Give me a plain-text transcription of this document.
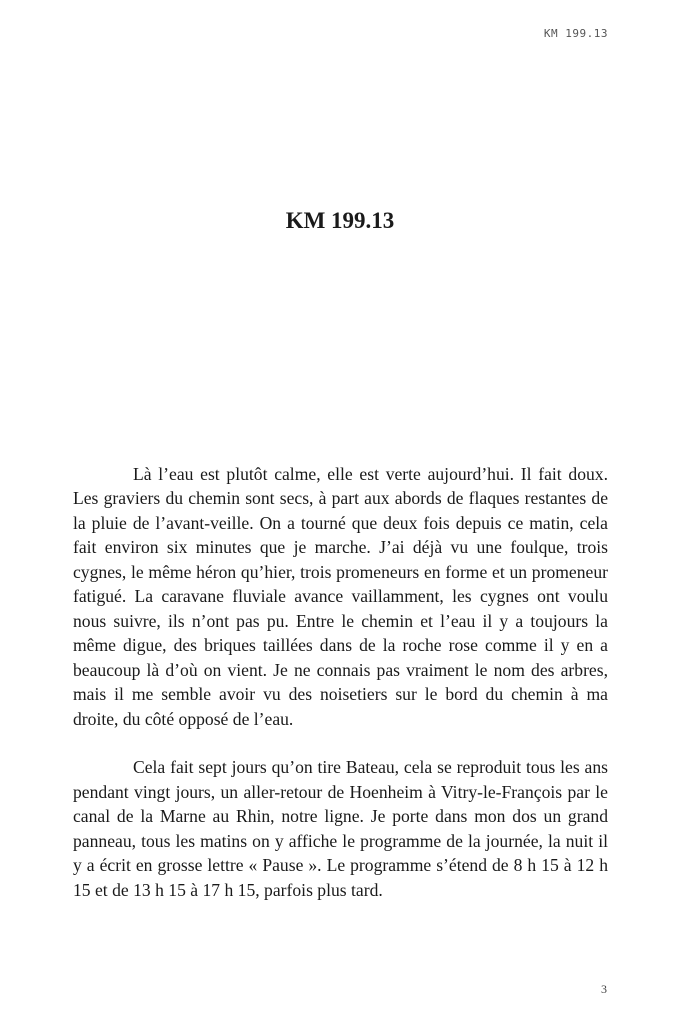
KM 199.13
KM 199.13

Là l’eau est plutôt calme, elle est verte aujourd’hui. Il fait doux. Les graviers du chemin sont secs, à part aux abords de flaques restantes de la pluie de l’avant-veille. On a tourné que deux fois depuis ce matin, cela fait environ six minutes que je marche. J’ai déjà vu une foulque, trois cygnes, le même héron qu’hier, trois promeneurs en forme et un promeneur fatigué. La caravane fluviale avance vaillamment, les cygnes ont voulu nous suivre, ils n’ont pas pu. Entre le chemin et l’eau il y a toujours la même digue, des briques taillées dans de la roche rose comme il y en a beaucoup là d’où on vient. Je ne connais pas vraiment le nom des arbres, mais il me semble avoir vu des noisetiers sur le bord du chemin à ma droite, du côté opposé de l’eau.

Cela fait sept jours qu’on tire Bateau, cela se reproduit tous les ans pendant vingt jours, un aller-retour de Hoenheim à Vitry-le-François par le canal de la Marne au Rhin, notre ligne. Je porte dans mon dos un grand panneau, tous les matins on y affiche le programme de la journée, la nuit il y a écrit en grosse lettre « Pause ». Le programme s’étend de 8 h 15 à 12 h 15 et de 13 h 15 à 17 h 15, parfois plus tard.

3
